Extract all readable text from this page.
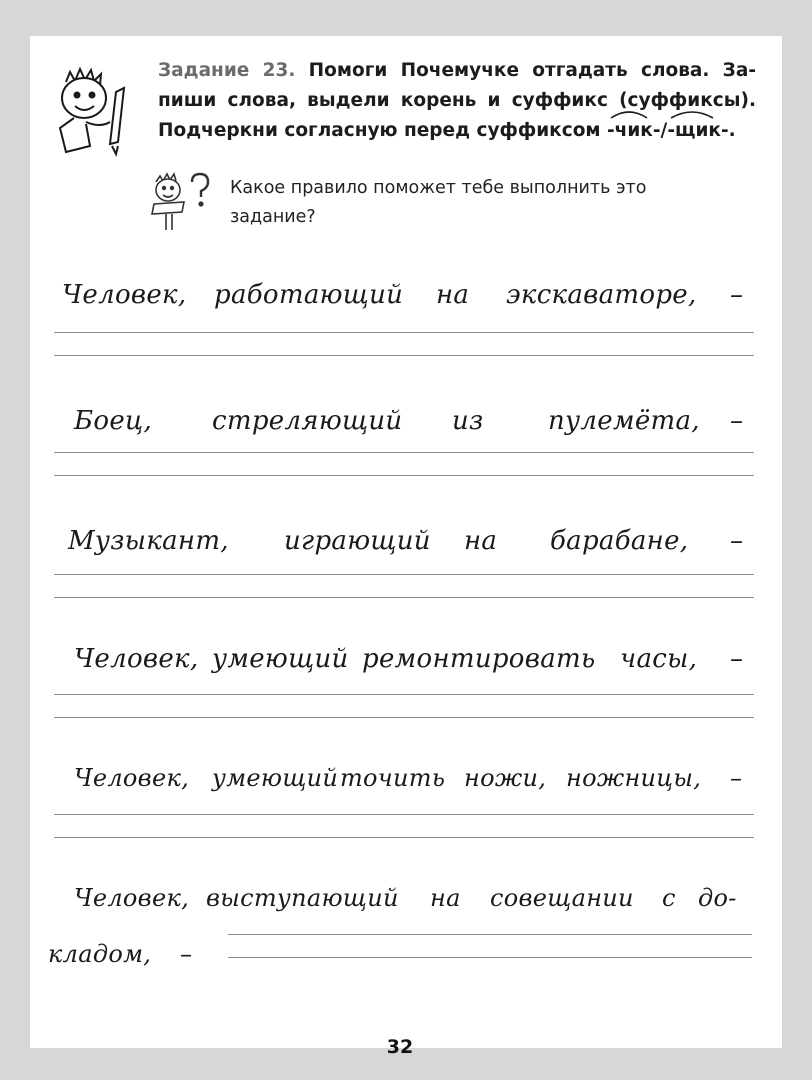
Задание 23. Помоги Почемучке отгадать слова. Запиши слова, выдели корень и суффикс (суффиксы). Подчеркни согласную перед суффиксом
-чик-/
-щик-.
Какое правило поможет тебе выполнить это задание?
Человек, работающий на экскаваторе, –
Боец, стреляющий из пулемёта, –
Музыкант, играющий на барабане, –
Человек, умеющий ремонтировать часы, –
Человек, умеющий точить ножи, ножницы, –
Человек, выступающий на совещании с до-
кладом, –
32
